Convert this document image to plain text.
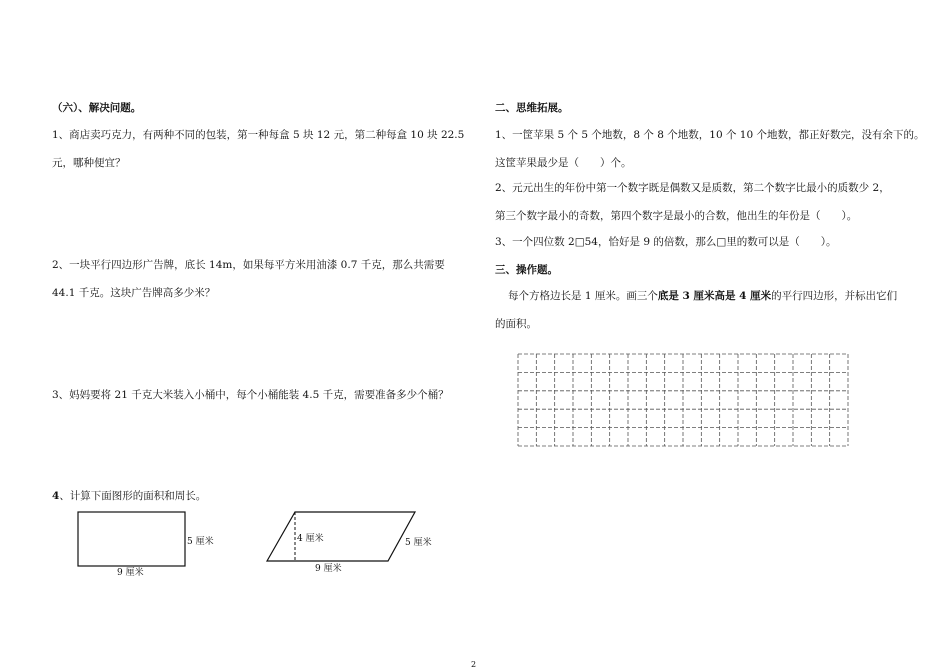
（六）、解决问题。
1、商店卖巧克力，有两种不同的包装，第一种每盒 5 块 12 元，第二种每盒 10 块 22.5
元，哪种便宜？
2、一块平行四边形广告牌，底长 14m，如果每平方米用油漆 0.7 千克，那么共需要
44.1 千克。这块广告牌高多少米？
3、妈妈要将 21 千克大米装入小桶中，每个小桶能装 4.5 千克，需要准备多少个桶？
4、计算下面图形的面积和周长。
5 厘米
9 厘米
4 厘米	5 厘米
9 厘米
二、思维拓展。
1、一筐苹果 5 个 5 个地数，8 个 8 个地数，10 个 10 个地数，都正好数完，没有余下的。
这筐苹果最少是（　　）个。
2、元元出生的年份中第一个数字既是偶数又是质数，第二个数字比最小的质数少 2，
第三个数字最小的奇数，第四个数字是最小的合数，他出生的年份是（　　）。
3、一个四位数 2□54，恰好是 9 的倍数，那么□里的数可以是（　　）。
三、操作题。
每个方格边长是 1 厘米。画三个底是 3 厘米高是 4 厘米的平行四边形，并标出它们
的面积。
2
